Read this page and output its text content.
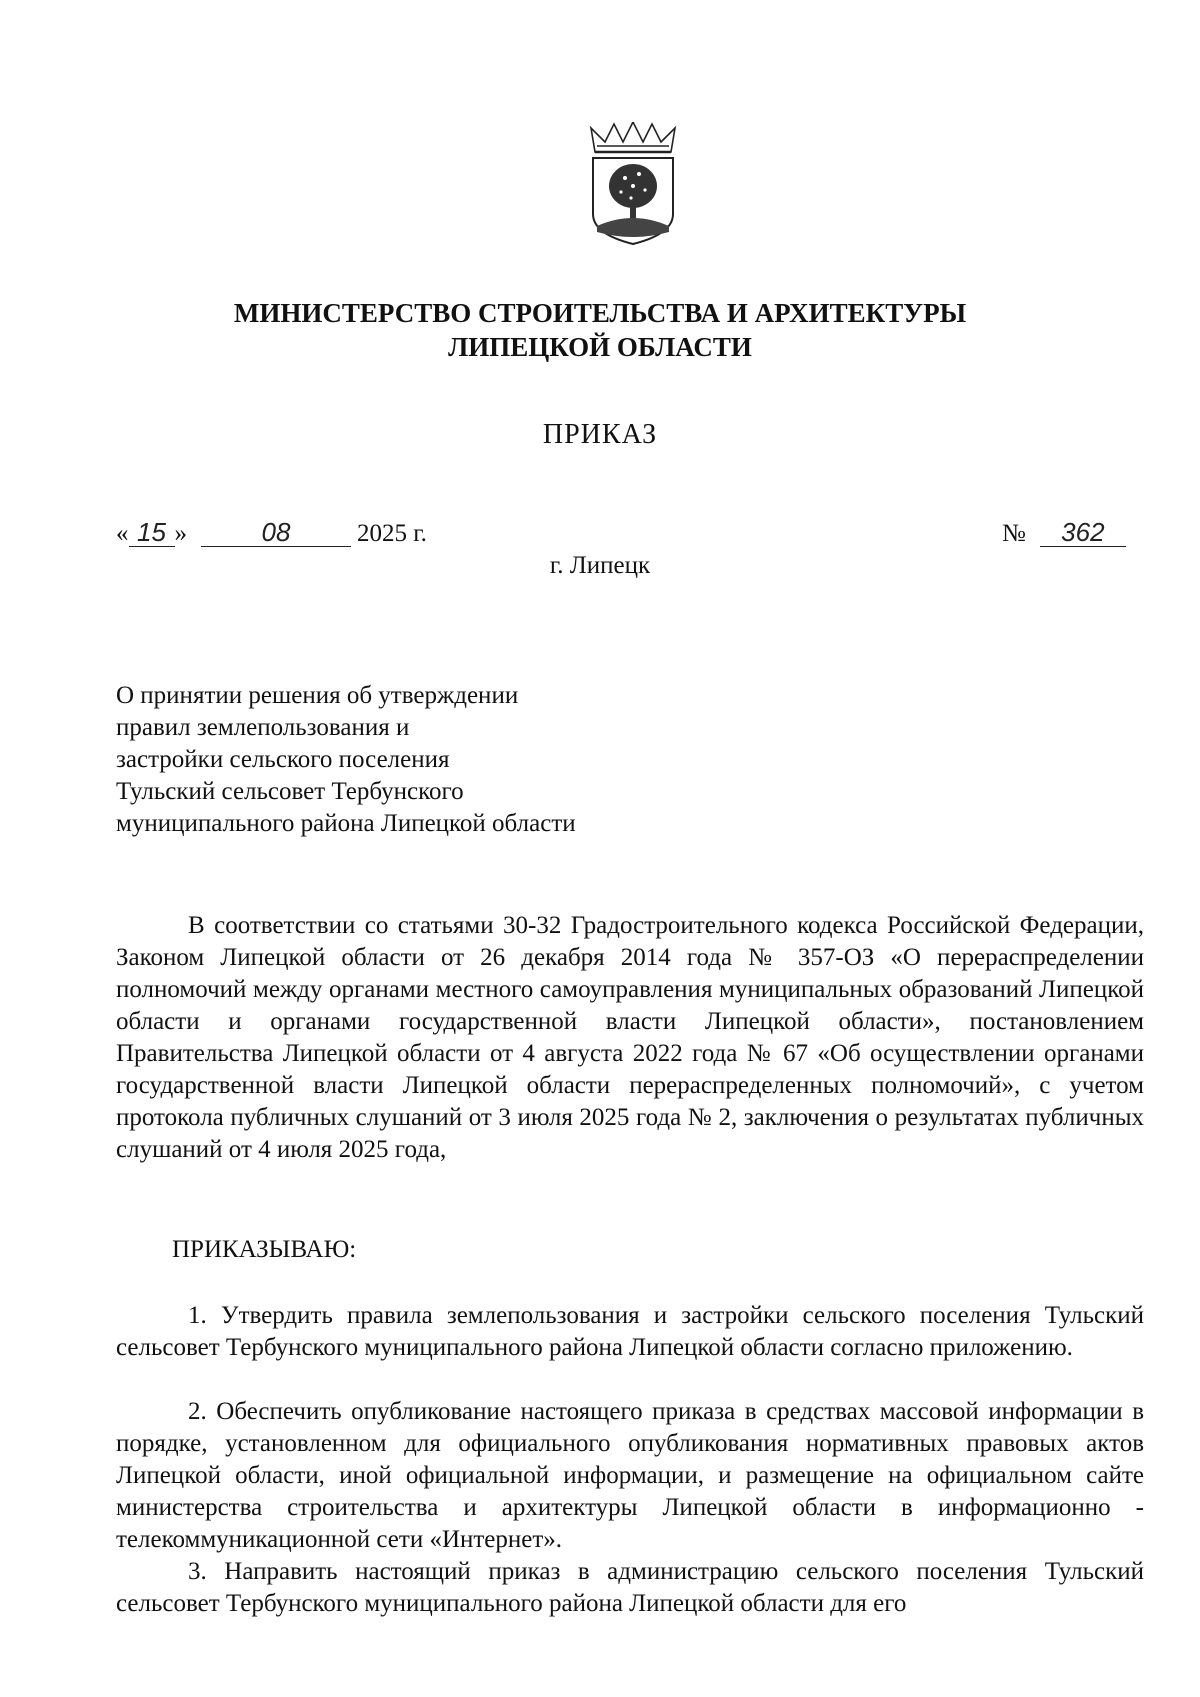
МИНИСТЕРСТВО СТРОИТЕЛЬСТВА И АРХИТЕКТУРЫ
ЛИПЕЦКОЙ ОБЛАСТИ
ПРИКАЗ
« 15 »	08	2025 г.	№ 362
г. Липецк
О принятии решения об утверждении
правил землепользования и
застройки сельского поселения
Тульский сельсовет Тербунского
муниципального района Липецкой области
В соответствии со статьями 30-32 Градостроительного кодекса Российской Федерации, Законом Липецкой области от 26 декабря 2014 года № 357-ОЗ «О перераспределении полномочий между органами местного самоуправления муниципальных образований Липецкой области и органами государственной власти Липецкой области», постановлением Правительства Липецкой области от 4 августа 2022 года № 67 «Об осуществлении органами государственной власти Липецкой области перераспределенных полномочий», с учетом протокола публичных слушаний от 3 июля 2025 года № 2, заключения о результатах публичных слушаний от 4 июля 2025 года,
ПРИКАЗЫВАЮ:
1. Утвердить правила землепользования и застройки сельского поселения Тульский сельсовет Тербунского муниципального района Липецкой области согласно приложению.
2. Обеспечить опубликование настоящего приказа в средствах массовой информации в порядке, установленном для официального опубликования нормативных правовых актов Липецкой области, иной официальной информации, и размещение на официальном сайте министерства строительства и архитектуры Липецкой области в информационно - телекоммуникационной сети «Интернет».
3. Направить настоящий приказ в администрацию сельского поселения Тульский сельсовет Тербунского муниципального района Липецкой области для его
